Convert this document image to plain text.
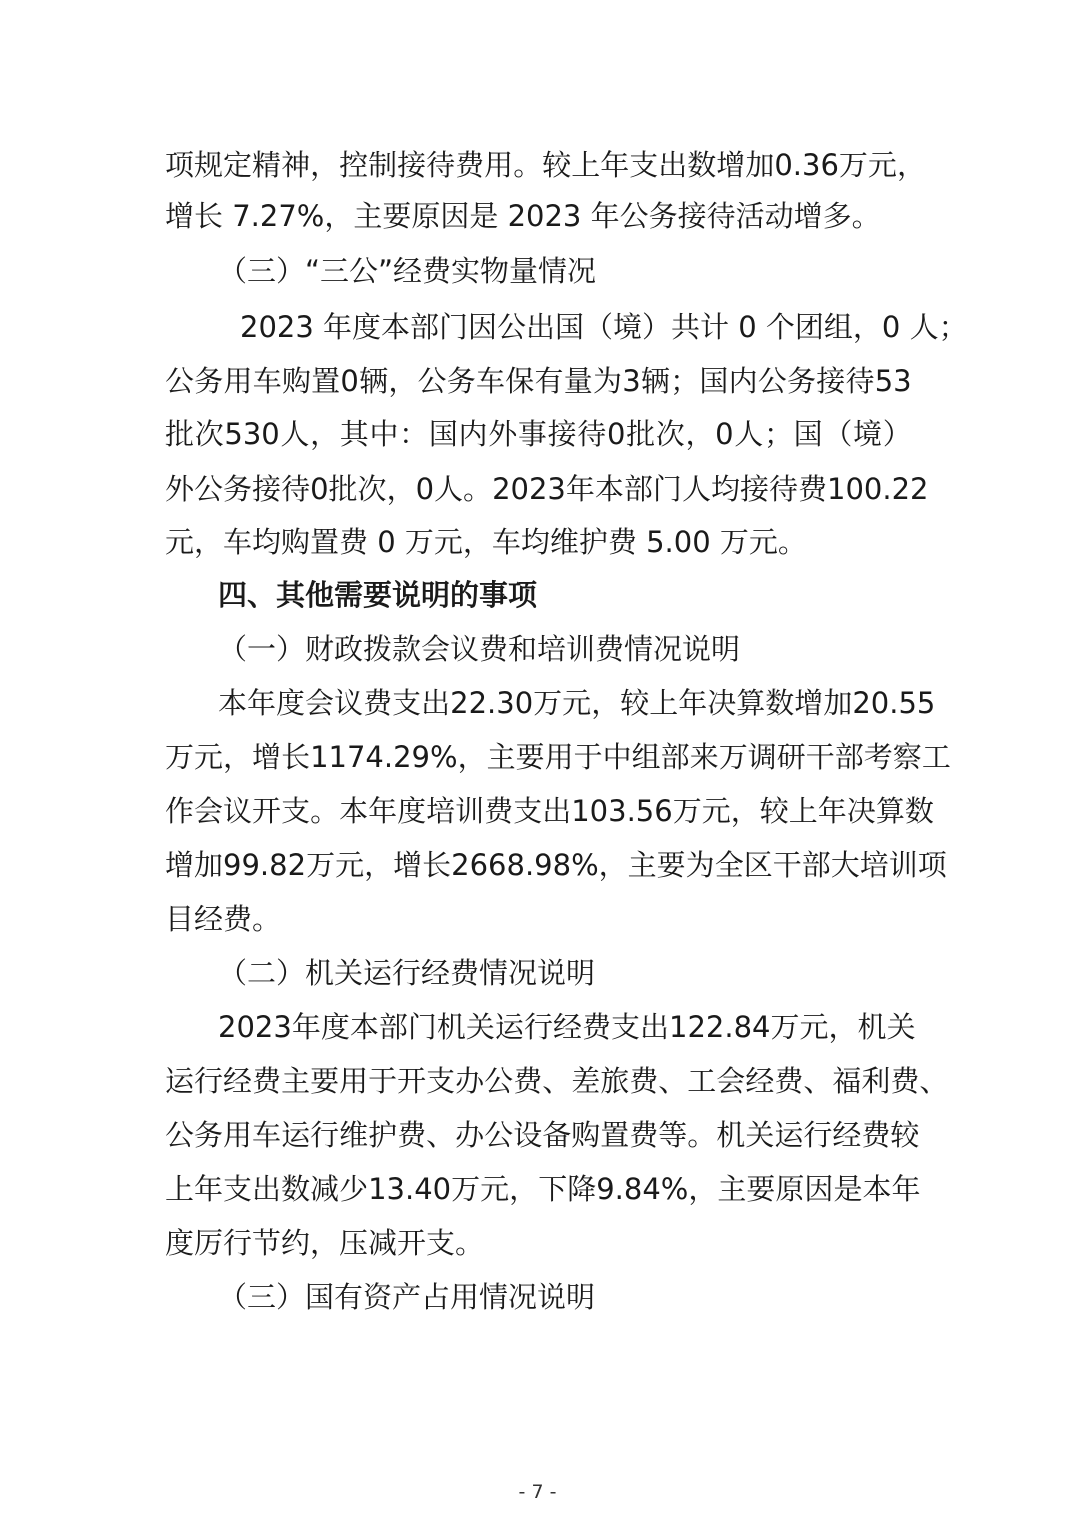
项 规 定 精 神 ， 控 制 接 待 费 用 。 较 上 年 支 出 数 增 加 0.36 万 元 ，
增长 7.27%，主要原因是 2023 年公务接待活动增多。
（三）“三公”经费实物量情况
2023 年度本部门因公出国（境）共计 0 个团组，0 人；
公 务 用 车 购 置 0 辆 ， 公 务 车 保 有 量 为 3 辆 ； 国 内 公 务 接 待 53
批 次 530 人 ， 其 中 ： 国 内 外 事 接 待 0 批 次 ， 0 人 ； 国 （ 境 ）
外 公 务 接 待 0 批 次 ， 0 人 。 2023 年 本 部 门 人 均 接 待 费 100.22
元，车均购置费 0 万元，车均维护费 5.00 万元。
四、其他需要说明的事项
（一）财政拨款会议费和培训费情况说明
本 年 度 会 议 费 支 出 22.30 万 元 ， 较 上 年 决 算 数 增 加 20.55
万 元 ， 增 长 1174.29% ， 主 要 用 于 中 组 部 来 万 调 研 干 部 考 察 工
作 会 议 开 支 。 本 年 度 培 训 费 支 出 103.56 万 元 ， 较 上 年 决 算 数
增 加 99.82 万 元 ， 增 长 2668.98% ， 主 要 为 全 区 干 部 大 培 训 项
目经费。
（二）机关运行经费情况说明
2023 年 度 本 部 门 机 关 运 行 经 费 支 出 122.84 万 元 ， 机 关
运 行 经 费 主 要 用 于 开 支 办 公 费 、 差 旅 费 、 工 会 经 费 、 福 利 费 、
公 务 用 车 运 行 维 护 费 、 办 公 设 备 购 置 费 等 。 机 关 运 行 经 费 较
上 年 支 出 数 减 少 13.40 万 元 ， 下 降 9.84% ， 主 要 原 因 是 本 年
度厉行节约，压减开支。
（三）国有资产占用情况说明
- 7 -
